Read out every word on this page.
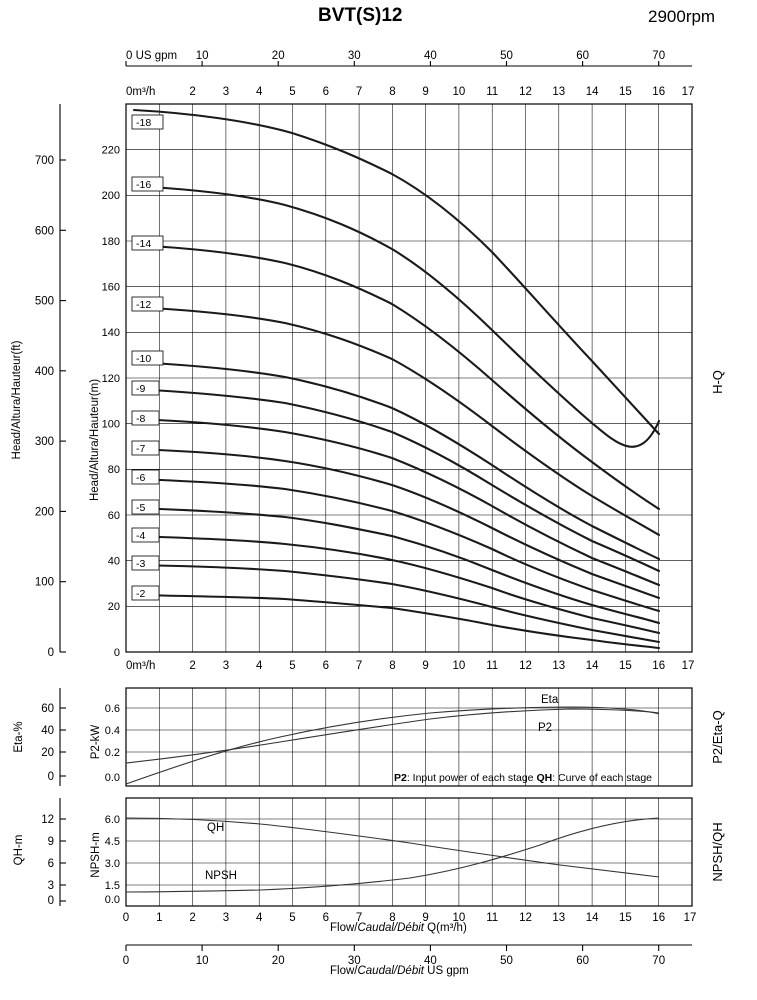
BVT(S)12	2900rpm
0 US gpm 10	20	30	40	50	60	70
0m³/h	2 3 4 5 6 7 8 9 10 11 12 13 14 15 16 17
0m³/h	2 3 4 5 6 7 8 9 10 11 12 13 14 15 16 17
0
20
40
60
80
100
120
140
160
180
200
220
Head/Altura/Hauteur(m)
0
100
200
300
400
500
600
700
Head/Altura/Hauteur(ft)	H-Q
-18
-16
-14
-12
-10
-9
-8
-7
-6
-5
-4
-3
-2
0.6
0.4
0.2
0.0
P2-kW
60
40
20
0
Eta-%	P2/Eta-Q
Eta
P2
P2: Input power of each stage QH: Curve of each stage
6.0
4.5
3.0
1.5
0.0
NPSH-m
12
9
6
3
0
QH-m	NPSH/QH
QH
NPSH
0 1 2 3 4 5 6 7 8 9 10 11 12 13 14 15 16 17
0	10	20	30	40	50	60	70
Flow/Caudal/Débit Q(m³/h)
Flow/Caudal/Débit US gpm
